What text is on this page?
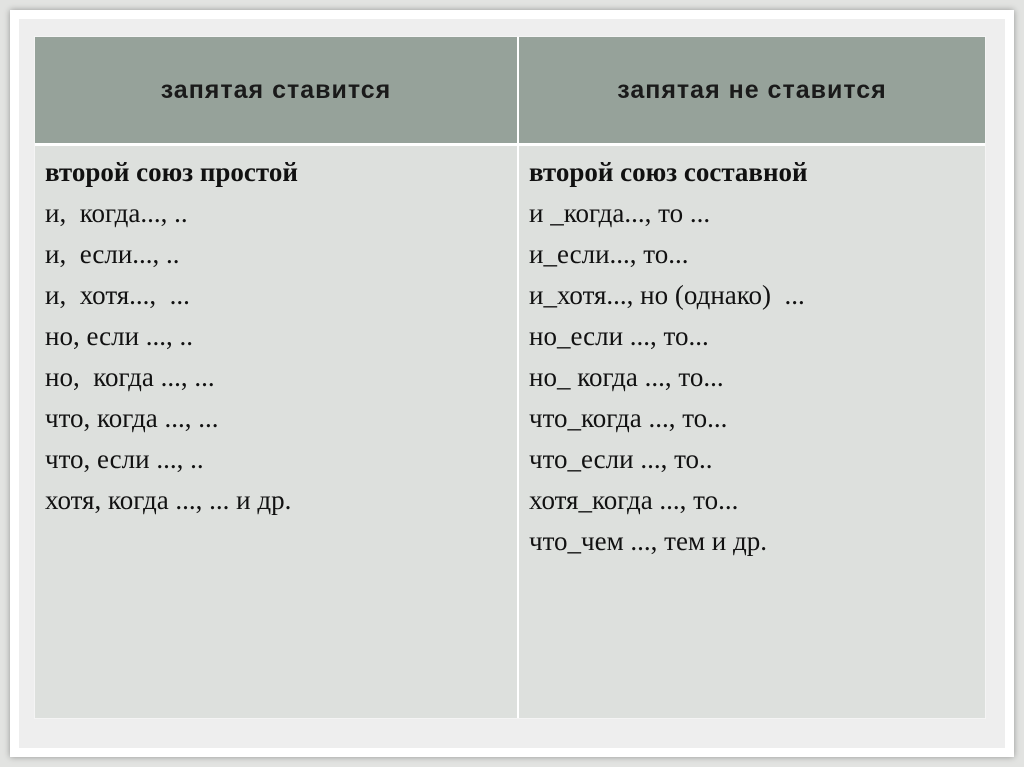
запятая ставится	запятая не ставится
второй союз простой
и,  когда..., ..
и,  если..., ..
и,  хотя...,  ...
но, если ..., ..
но,  когда ..., ...
что, когда ..., ...
что, если ..., ..
хотя, когда ..., ... и др.
второй союз составной
и _когда..., то ...
и_если..., то...
и_хотя..., но (однако)  ...
но_если ..., то...
но_ когда ..., то...
что_когда ..., то...
что_если ..., то..
хотя_когда ..., то...
что_чем ..., тем и др.
